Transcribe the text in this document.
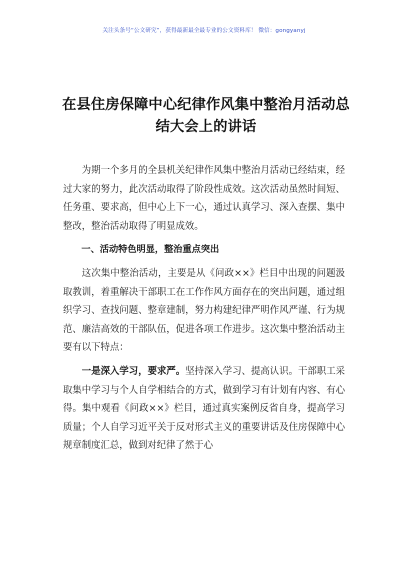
关注头条号“公文研究”，获得最新最全最专业的公文资料库！ 微信：gongyanyj
在县住房保障中心纪律作风集中整治月活动总结大会上的讲话

为期一个多月的全县机关纪律作风集中整治月活动已经结束，经过大家的努力，此次活动取得了阶段性成效。这次活动虽然时间短、任务重、要求高，但中心上下一心，通过认真学习、深入查摆、集中整改，整治活动取得了明显成效。

一、活动特色明显，整治重点突出

这次集中整治活动，主要是从《问政××》栏目中出现的问题汲取教训，着重解决干部职工在工作作风方面存在的突出问题，通过组织学习、查找问题、整章建制，努力构建纪律严明作风严谨、行为规范、廉洁高效的干部队伍，促进各项工作进步。这次集中整治活动主要有以下特点：

一是深入学习，要求严。坚持深入学习、提高认识。干部职工采取集中学习与个人自学相结合的方式，做到学习有计划有内容、有心得。集中观看《问政××》栏目，通过真实案例反省自身，提高学习质量；个人自学习近平关于反对形式主义的重要讲话及住房保障中心规章制度汇总，做到对纪律了然于心
